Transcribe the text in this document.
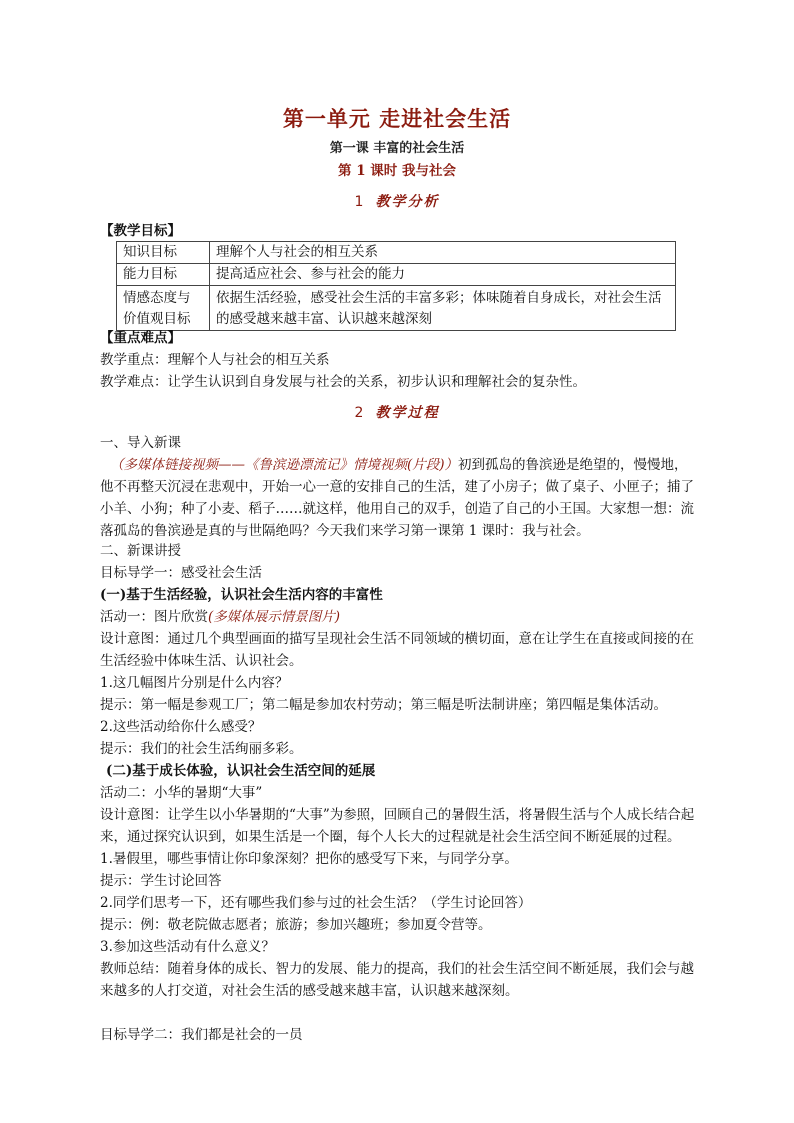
第一单元 走进社会生活
第一课 丰富的社会生活
第 1 课时 我与社会
1 教学分析
【教学目标】
知识目标	理解个人与社会的相互关系
能力目标	提高适应社会、参与社会的能力
情感态度与价值观目标	依据生活经验，感受社会生活的丰富多彩；体味随着自身成长，对社会生活的感受越来越丰富、认识越来越深刻
【重点难点】
教学重点：理解个人与社会的相互关系
教学难点：让学生认识到自身发展与社会的关系，初步认识和理解社会的复杂性。
2 教学过程
一、导入新课
（多媒体链接视频——《鲁滨逊漂流记》情境视频(片段)）初到孤岛的鲁滨逊是绝望的，慢慢地，他不再整天沉浸在悲观中，开始一心一意的安排自己的生活，建了小房子；做了桌子、小匣子；捕了小羊、小狗；种了小麦、稻子……就这样，他用自己的双手，创造了自己的小王国。大家想一想：流落孤岛的鲁滨逊是真的与世隔绝吗？今天我们来学习第一课第 1 课时：我与社会。
二、新课讲授
目标导学一：感受社会生活
(一)基于生活经验，认识社会生活内容的丰富性
活动一：图片欣赏(多媒体展示情景图片)
设计意图：通过几个典型画面的描写呈现社会生活不同领域的横切面，意在让学生在直接或间接的在生活经验中体味生活、认识社会。
1.这几幅图片分别是什么内容？
提示：第一幅是参观工厂；第二幅是参加农村劳动；第三幅是听法制讲座；第四幅是集体活动。
2.这些活动给你什么感受？
提示：我们的社会生活绚丽多彩。
(二)基于成长体验，认识社会生活空间的延展
活动二：小华的暑期“大事”
设计意图：让学生以小华暑期的“大事”为参照，回顾自己的暑假生活，将暑假生活与个人成长结合起来，通过探究认识到，如果生活是一个圈，每个人长大的过程就是社会生活空间不断延展的过程。
1.暑假里，哪些事情让你印象深刻？把你的感受写下来，与同学分享。
提示：学生讨论回答
2.同学们思考一下，还有哪些我们参与过的社会生活？（学生讨论回答）
提示：例：敬老院做志愿者；旅游；参加兴趣班；参加夏令营等。
3.参加这些活动有什么意义？
教师总结：随着身体的成长、智力的发展、能力的提高，我们的社会生活空间不断延展，我们会与越来越多的人打交道，对社会生活的感受越来越丰富，认识越来越深刻。
目标导学二：我们都是社会的一员
